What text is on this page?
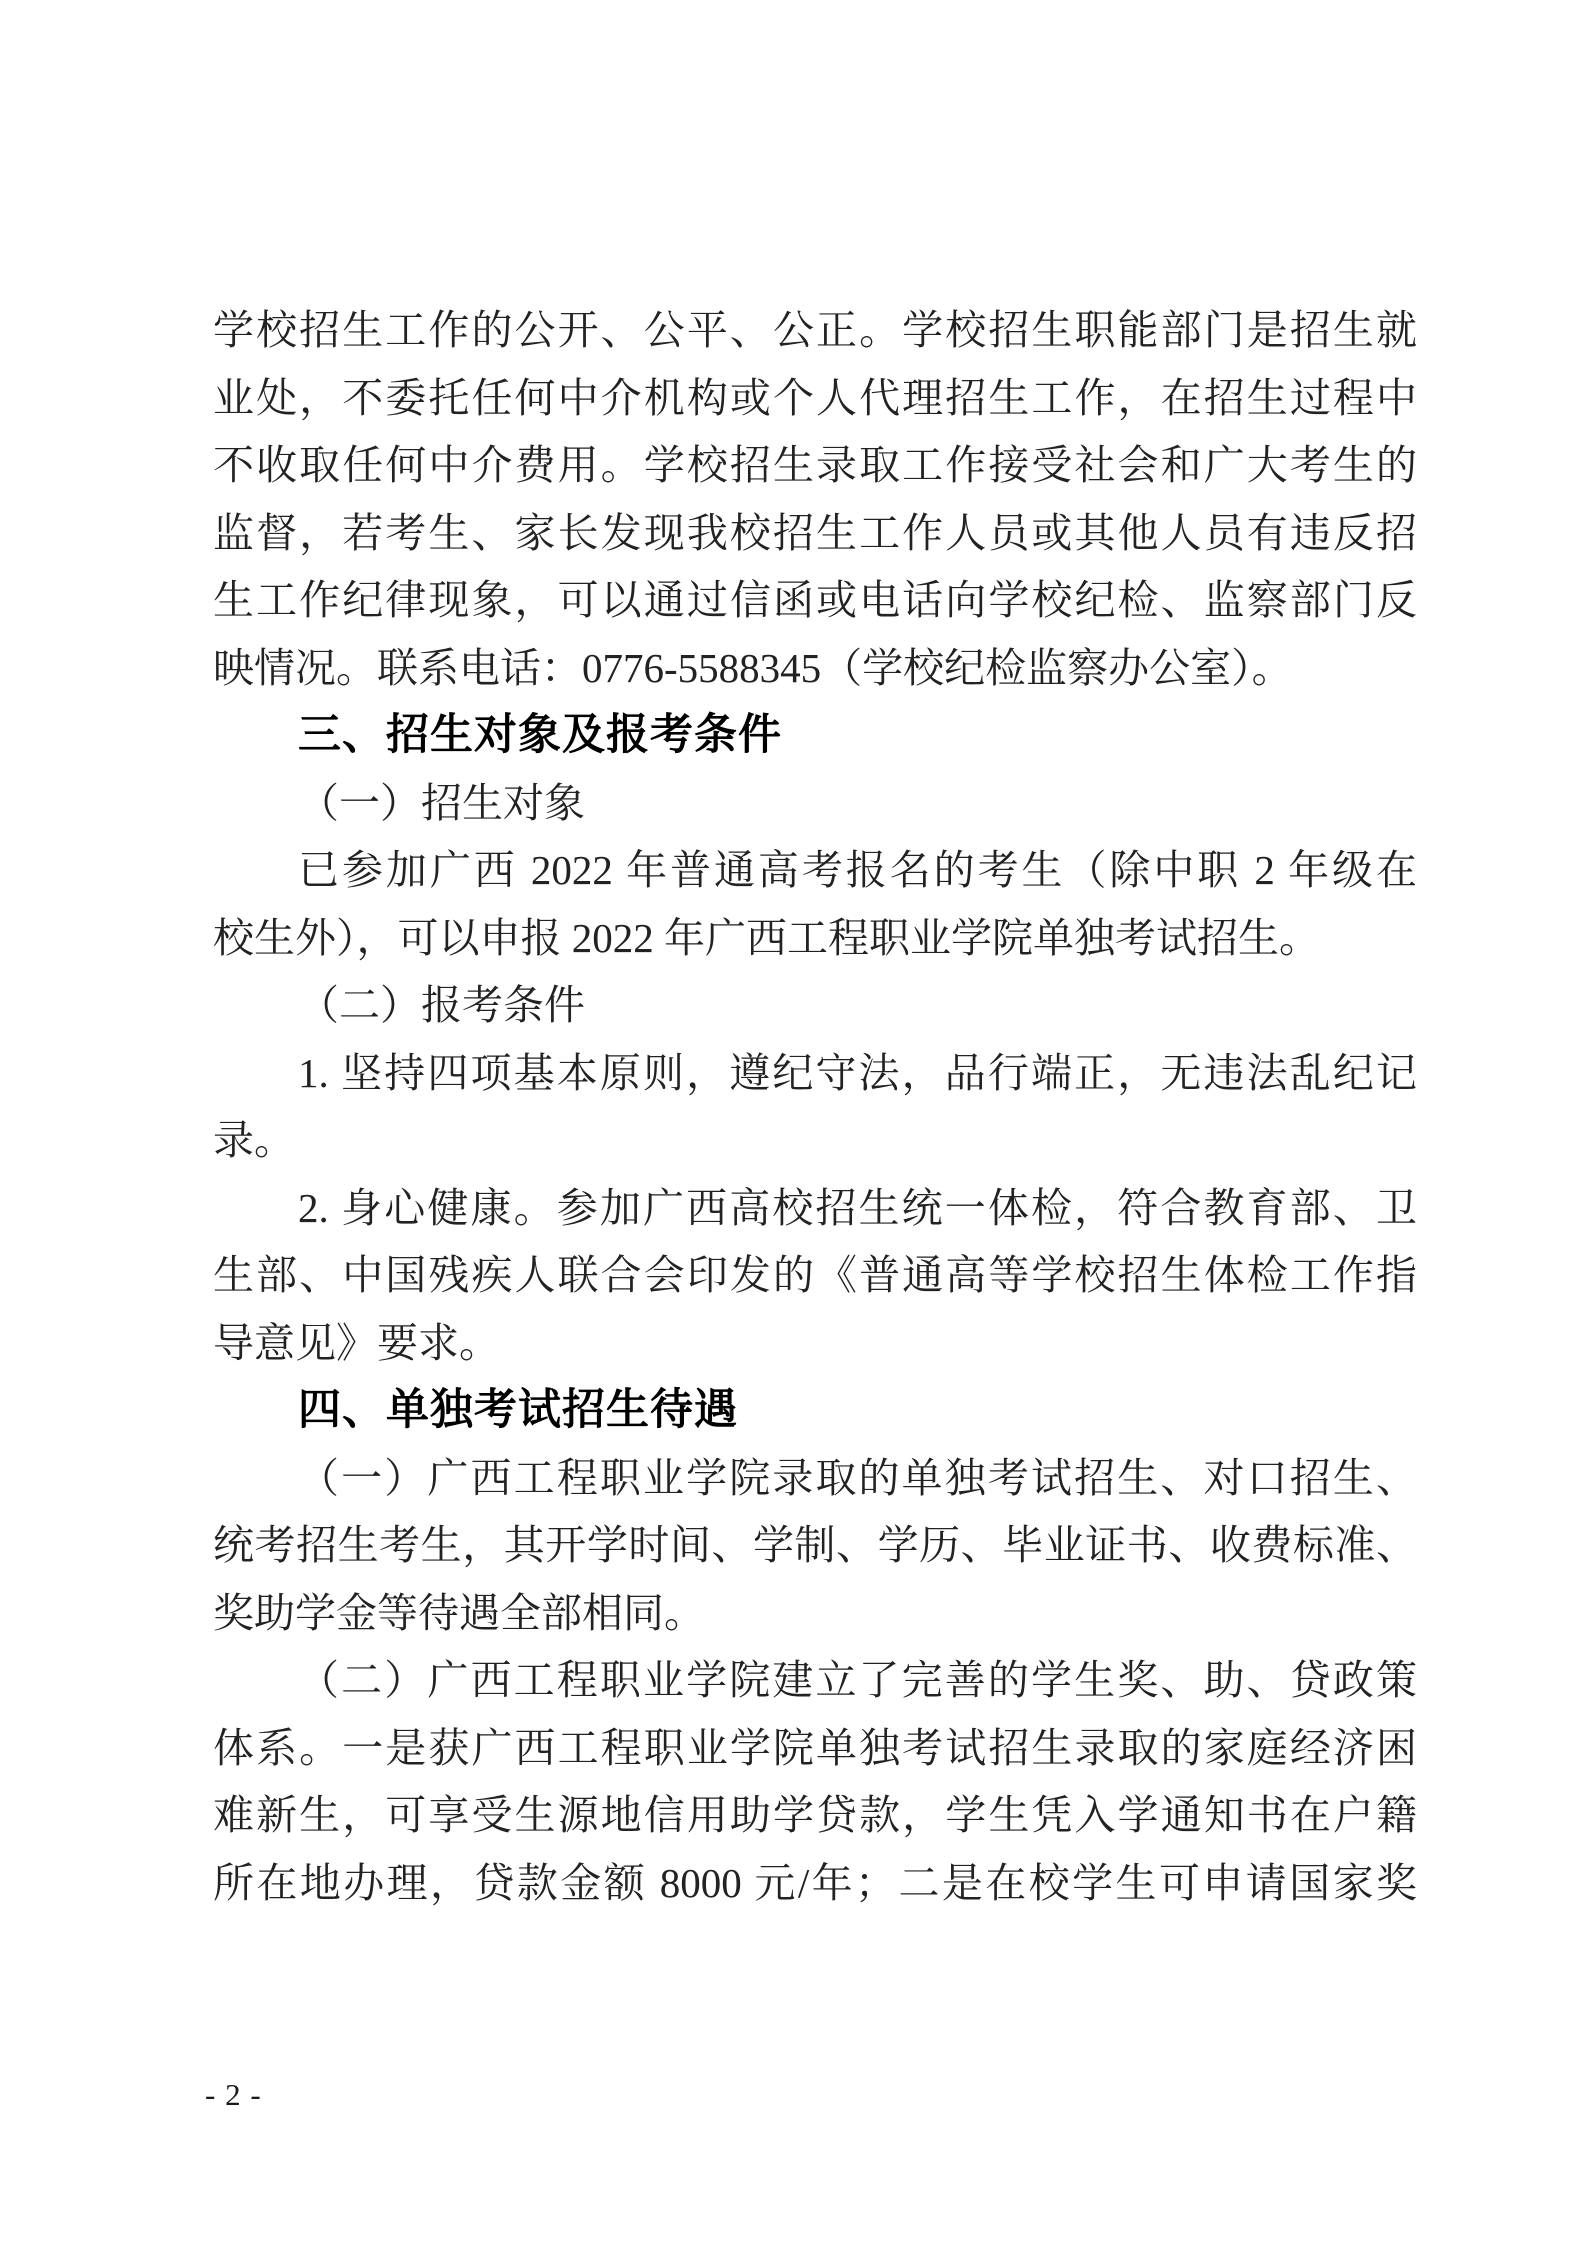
学校招生工作的公开、公平、公正。学校招生职能部门是招生就
业处，不委托任何中介机构或个人代理招生工作，在招生过程中
不收取任何中介费用。学校招生录取工作接受社会和广大考生的
监督，若考生、家长发现我校招生工作人员或其他人员有违反招
生工作纪律现象，可以通过信函或电话向学校纪检、监察部门反
映情况。联系电话：0776-5588345（学校纪检监察办公室）。
三、招生对象及报考条件
（一）招生对象
已参加广西 2022 年普通高考报名的考生（除中职 2 年级在
校生外），可以申报 2022 年广西工程职业学院单独考试招生。
（二）报考条件
1. 坚持四项基本原则，遵纪守法，品行端正，无违法乱纪记
录。
2. 身心健康。参加广西高校招生统一体检，符合教育部、卫
生部、中国残疾人联合会印发的《普通高等学校招生体检工作指
导意见》要求。
四、单独考试招生待遇
（一）广西工程职业学院录取的单独考试招生、对口招生、
统考招生考生，其开学时间、学制、学历、毕业证书、收费标准、
奖助学金等待遇全部相同。
（二）广西工程职业学院建立了完善的学生奖、助、贷政策
体系。一是获广西工程职业学院单独考试招生录取的家庭经济困
难新生，可享受生源地信用助学贷款，学生凭入学通知书在户籍
所在地办理，贷款金额 8000 元/年；二是在校学生可申请国家奖
- 2 -
